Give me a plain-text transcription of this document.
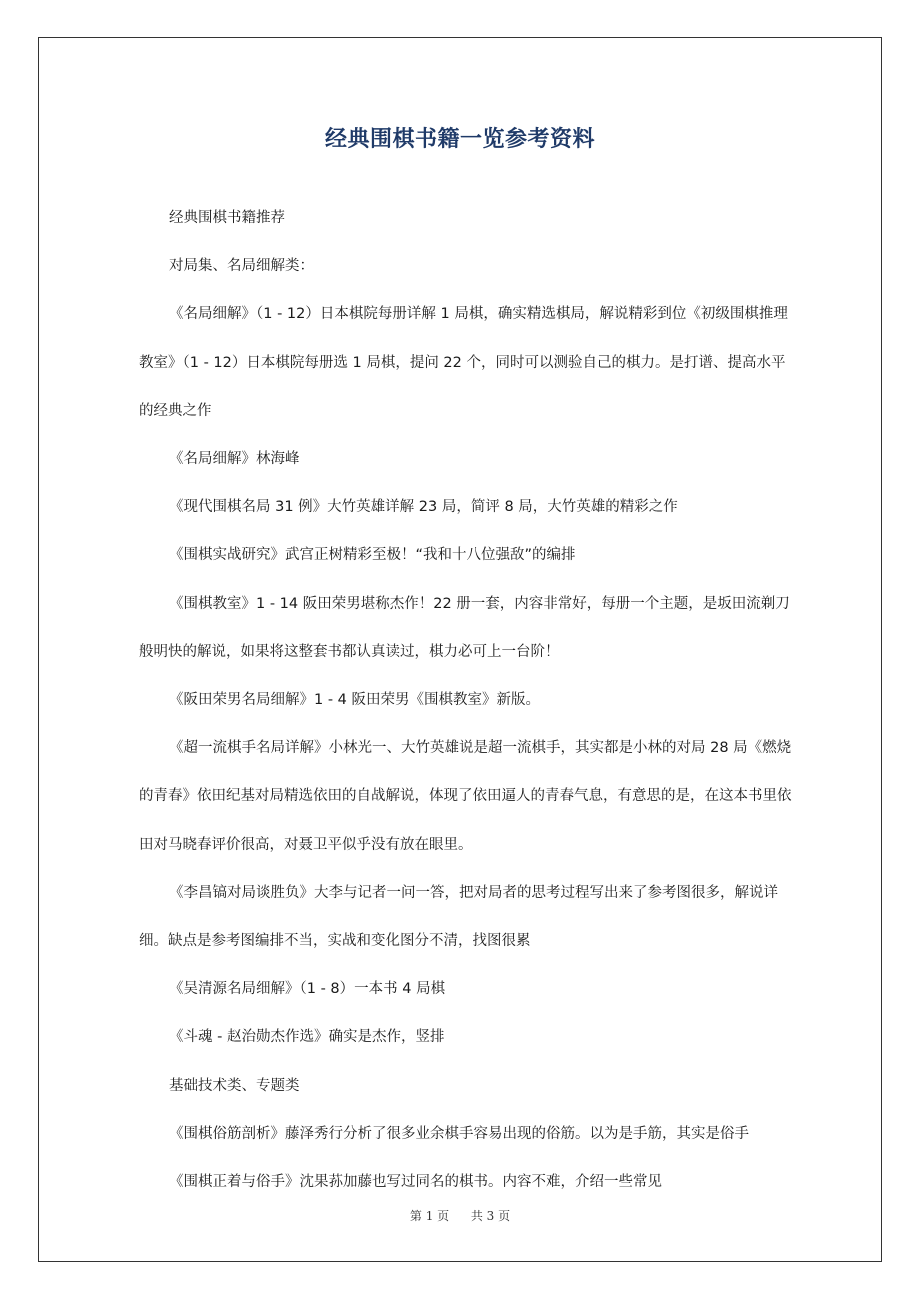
经典围棋书籍一览参考资料

经典围棋书籍推荐

对局集、名局细解类：

《名局细解》（1 - 12）日本棋院每册详解 1 局棋，确实精选棋局，解说精彩到位《初级围棋推理教室》（1 - 12）日本棋院每册选 1 局棋，提问 22 个，同时可以测验自己的棋力。是打谱、提高水平的经典之作

《名局细解》林海峰

《现代围棋名局 31 例》大竹英雄详解 23 局，简评 8 局，大竹英雄的精彩之作

《围棋实战研究》武宫正树精彩至极！“我和十八位强敌”的编排

《围棋教室》1 - 14 阪田荣男堪称杰作！22 册一套，内容非常好，每册一个主题，是坂田流剃刀般明快的解说，如果将这整套书都认真读过，棋力必可上一台阶！

《阪田荣男名局细解》1 - 4 阪田荣男《围棋教室》新版。

《超一流棋手名局详解》小林光一、大竹英雄说是超一流棋手，其实都是小林的对局 28 局《燃烧的青春》依田纪基对局精选依田的自战解说，体现了依田逼人的青春气息，有意思的是，在这本书里依田对马晓春评价很高，对聂卫平似乎没有放在眼里。

《李昌镐对局谈胜负》大李与记者一问一答，把对局者的思考过程写出来了参考图很多，解说详细。缺点是参考图编排不当，实战和变化图分不清，找图很累

《吴清源名局细解》（1 - 8）一本书 4 局棋

《斗魂 - 赵治勋杰作选》确实是杰作，竖排

基础技术类、专题类

《围棋俗筋剖析》藤泽秀行分析了很多业余棋手容易出现的俗筋。以为是手筋，其实是俗手

《围棋正着与俗手》沈果荪加藤也写过同名的棋书。内容不难，介绍一些常见

第 1 页 共 3 页
